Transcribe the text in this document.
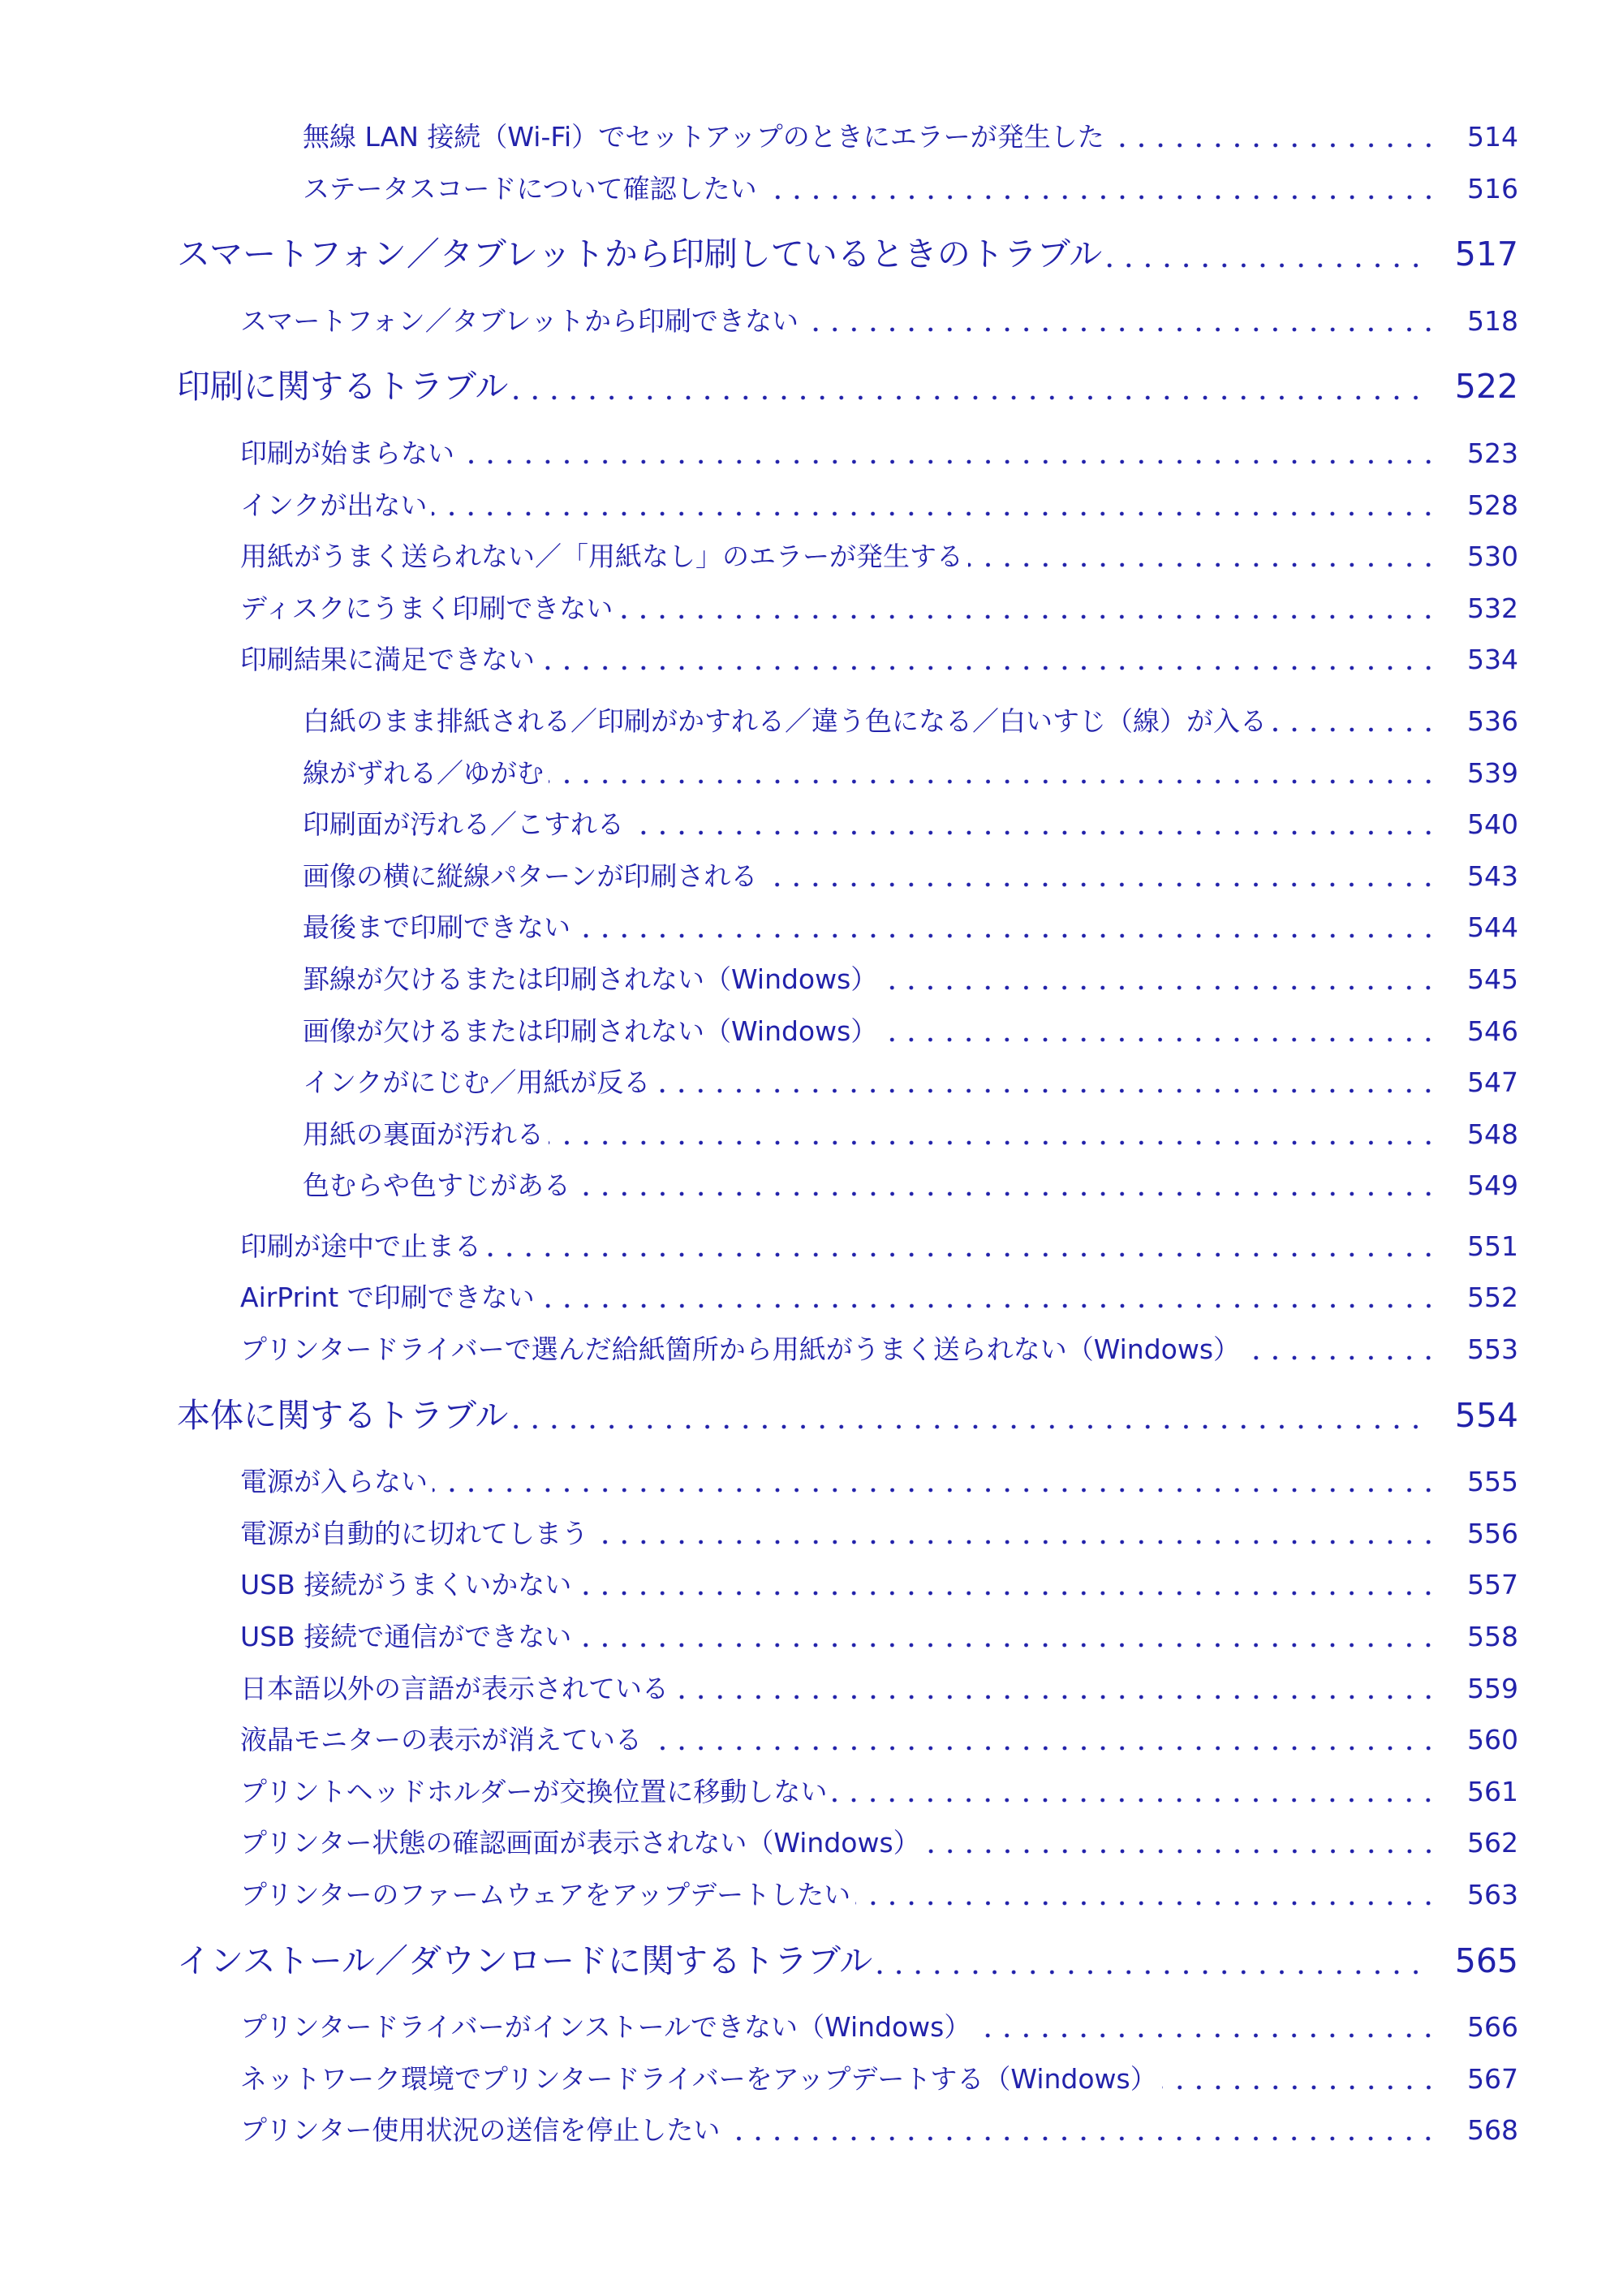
無線 LAN 接続（Wi-Fi）でセットアップのときにエラーが発生した	514
ステータスコードについて確認したい	516
スマートフォン／タブレットから印刷しているときのトラブル	517
スマートフォン／タブレットから印刷できない	518
印刷に関するトラブル	522
印刷が始まらない	523
インクが出ない	528
用紙がうまく送られない／「用紙なし」のエラーが発生する	530
ディスクにうまく印刷できない	532
印刷結果に満足できない	534
白紙のまま排紙される／印刷がかすれる／違う色になる／白いすじ（線）が入る	536
線がずれる／ゆがむ	539
印刷面が汚れる／こすれる	540
画像の横に縦線パターンが印刷される	543
最後まで印刷できない	544
罫線が欠けるまたは印刷されない（Windows）	545
画像が欠けるまたは印刷されない（Windows）	546
インクがにじむ／用紙が反る	547
用紙の裏面が汚れる	548
色むらや色すじがある	549
印刷が途中で止まる	551
AirPrint で印刷できない	552
プリンタードライバーで選んだ給紙箇所から用紙がうまく送られない（Windows）	553
本体に関するトラブル	554
電源が入らない	555
電源が自動的に切れてしまう	556
USB 接続がうまくいかない	557
USB 接続で通信ができない	558
日本語以外の言語が表示されている	559
液晶モニターの表示が消えている	560
プリントヘッドホルダーが交換位置に移動しない	561
プリンター状態の確認画面が表示されない（Windows）	562
プリンターのファームウェアをアップデートしたい	563
インストール／ダウンロードに関するトラブル	565
プリンタードライバーがインストールできない（Windows）	566
ネットワーク環境でプリンタードライバーをアップデートする（Windows）	567
プリンター使用状況の送信を停止したい	568
